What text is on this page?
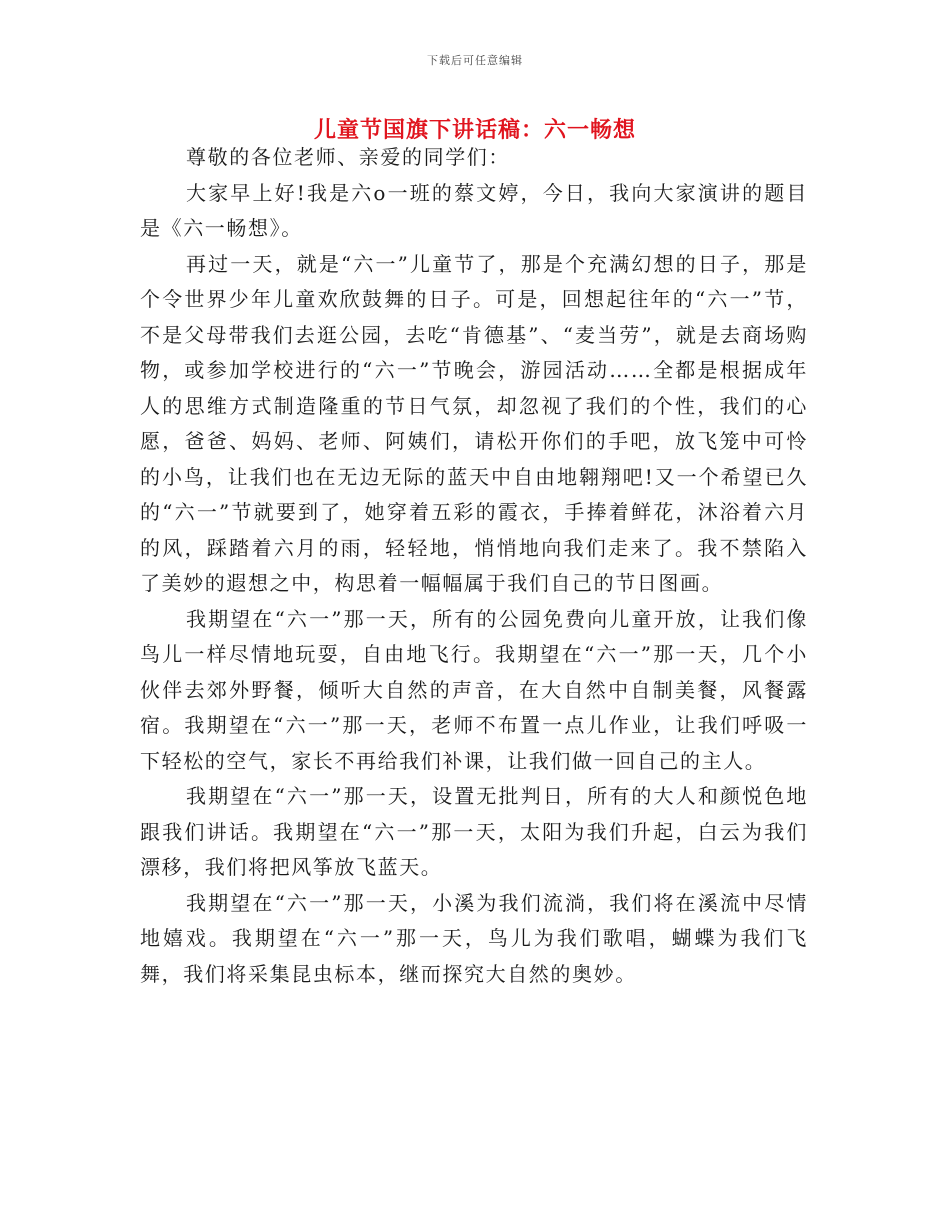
下载后可任意编辑
儿童节国旗下讲话稿：六一畅想

尊敬的各位老师、亲爱的同学们：

大家早上好!我是六o一班的蔡文婷，今日，我向大家演讲的题目是《六一畅想》。

再过一天，就是“六一”儿童节了，那是个充满幻想的日子，那是个令世界少年儿童欢欣鼓舞的日子。可是，回想起往年的“六一”节，不是父母带我们去逛公园，去吃“肯德基”、“麦当劳”，就是去商场购物，或参加学校进行的“六一”节晚会，游园活动……全都是根据成年人的思维方式制造隆重的节日气氛，却忽视了我们的个性，我们的心愿，爸爸、妈妈、老师、阿姨们，请松开你们的手吧，放飞笼中可怜的小鸟，让我们也在无边无际的蓝天中自由地翱翔吧!又一个希望已久的“六一”节就要到了，她穿着五彩的霞衣，手捧着鲜花，沐浴着六月的风，踩踏着六月的雨，轻轻地，悄悄地向我们走来了。我不禁陷入了美妙的遐想之中，构思着一幅幅属于我们自己的节日图画。

我期望在“六一”那一天，所有的公园免费向儿童开放，让我们像鸟儿一样尽情地玩耍，自由地飞行。我期望在“六一”那一天，几个小伙伴去郊外野餐，倾听大自然的声音，在大自然中自制美餐，风餐露宿。我期望在“六一”那一天，老师不布置一点儿作业，让我们呼吸一下轻松的空气，家长不再给我们补课，让我们做一回自己的主人。

我期望在“六一”那一天，设置无批判日，所有的大人和颜悦色地跟我们讲话。我期望在“六一”那一天，太阳为我们升起，白云为我们漂移，我们将把风筝放飞蓝天。

我期望在“六一”那一天，小溪为我们流淌，我们将在溪流中尽情地嬉戏。我期望在“六一”那一天，鸟儿为我们歌唱，蝴蝶为我们飞舞，我们将采集昆虫标本，继而探究大自然的奥妙。
